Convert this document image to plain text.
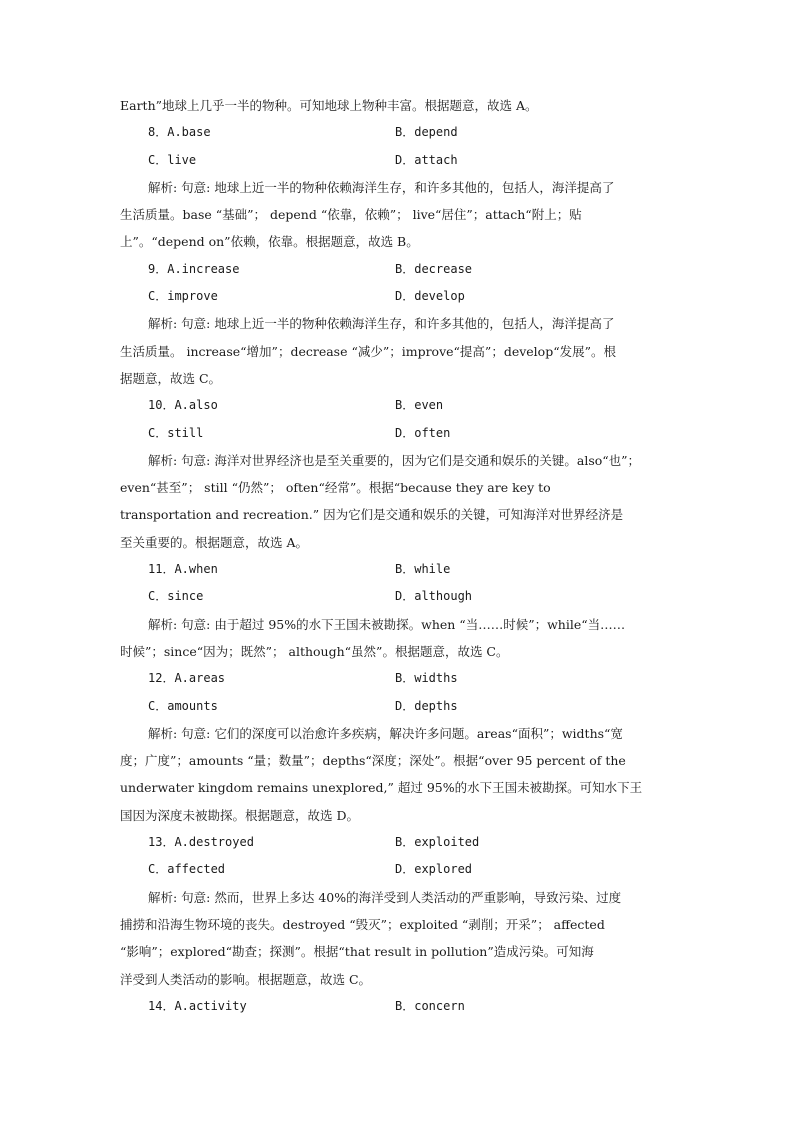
Earth”地球上几乎一半的物种。可知地球上物种丰富。根据题意，故选 A。
8．A.base	B．depend
C．live	D．attach
解析: 句意: 地球上近一半的物种依赖海洋生存，和许多其他的，包括人，海洋提高了
生活质量。base “基础”； depend “依靠，依赖”； live“居住”；attach“附上；贴
上”。“depend on”依赖，依靠。根据题意，故选 B。
9．A.increase	B．decrease
C．improve	D．develop
解析: 句意: 地球上近一半的物种依赖海洋生存，和许多其他的，包括人，海洋提高了
生活质量。 increase“增加”；decrease “减少”；improve“提高”；develop“发展”。根
据题意，故选 C。
10．A.also	B．even
C．still	D．often
解析: 句意: 海洋对世界经济也是至关重要的，因为它们是交通和娱乐的关键。also“也”；
even“甚至”； still “仍然”； often“经常”。根据“because they are key to
transportation and recreation.” 因为它们是交通和娱乐的关键，可知海洋对世界经济是
至关重要的。根据题意，故选 A。
11．A.when	B．while
C．since	D．although
解析: 句意: 由于超过 95%的水下王国未被勘探。when “当……时候”；while“当……
时候”；since“因为；既然”； although“虽然”。根据题意，故选 C。
12．A.areas	B．widths
C．amounts	D．depths
解析: 句意: 它们的深度可以治愈许多疾病，解决许多问题。areas“面积”；widths“宽
度；广度”；amounts “量；数量”；depths“深度；深处”。根据“over 95 percent of the
underwater kingdom remains unexplored,” 超过 95%的水下王国未被勘探。可知水下王
国因为深度未被勘探。根据题意，故选 D。
13．A.destroyed	B．exploited
C．affected	D．explored
解析: 句意: 然而，世界上多达 40%的海洋受到人类活动的严重影响，导致污染、过度
捕捞和沿海生物环境的丧失。destroyed “毁灭”；exploited “剥削；开采”； affected
“影响”；explored“勘查；探测”。根据“that result in pollution”造成污染。可知海
洋受到人类活动的影响。根据题意，故选 C。
14．A.activity	B．concern
